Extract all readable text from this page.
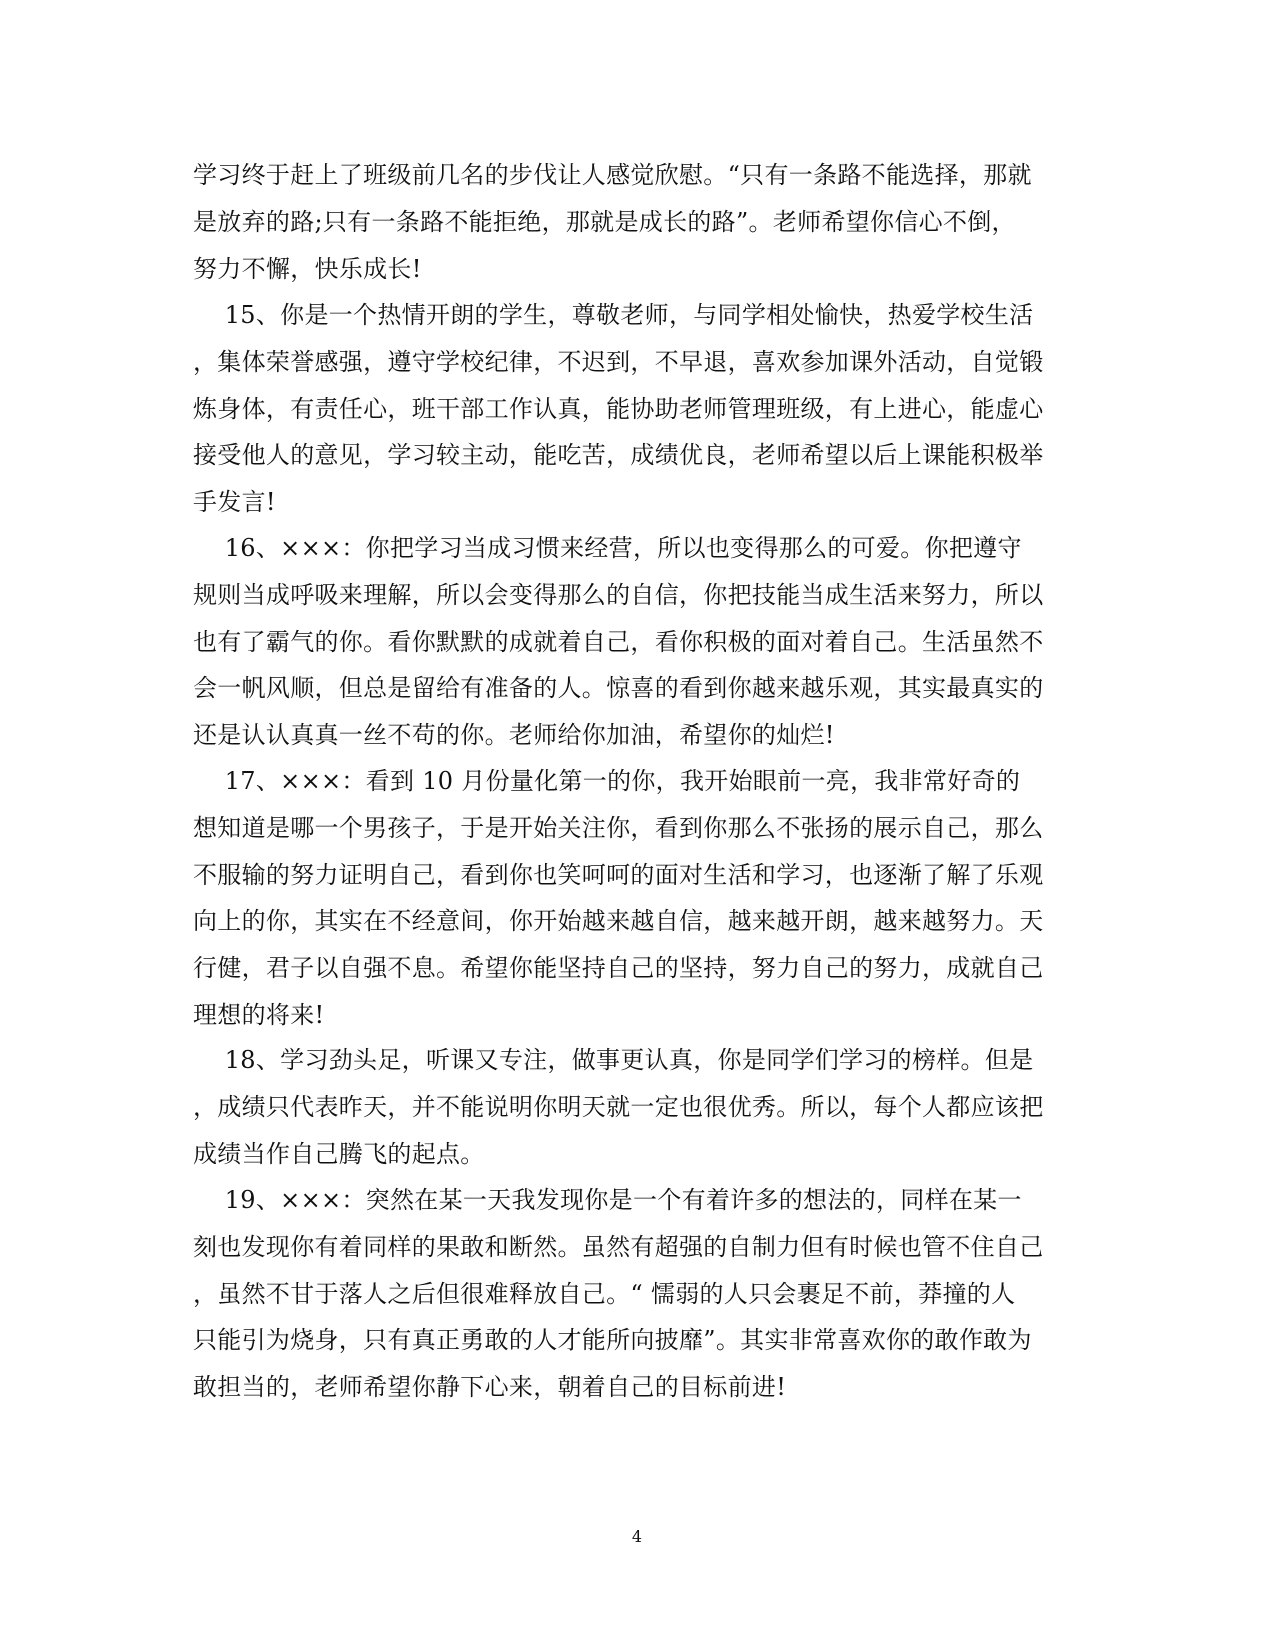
学习终于赶上了班级前几名的步伐让人感觉欣慰。“只有一条路不能选择，那就
是放弃的路;只有一条路不能拒绝，那就是成长的路”。老师希望你信心不倒，
努力不懈，快乐成长!
15、你是一个热情开朗的学生，尊敬老师，与同学相处愉快，热爱学校生活
，集体荣誉感强，遵守学校纪律，不迟到，不早退，喜欢参加课外活动，自觉锻
炼身体，有责任心，班干部工作认真，能协助老师管理班级，有上进心，能虚心
接受他人的意见，学习较主动，能吃苦，成绩优良，老师希望以后上课能积极举
手发言!
16、×××：你把学习当成习惯来经营，所以也变得那么的可爱。你把遵守
规则当成呼吸来理解，所以会变得那么的自信，你把技能当成生活来努力，所以
也有了霸气的你。看你默默的成就着自己，看你积极的面对着自己。生活虽然不
会一帆风顺，但总是留给有准备的人。惊喜的看到你越来越乐观，其实最真实的
还是认认真真一丝不苟的你。老师给你加油，希望你的灿烂!
17、×××：看到 10 月份量化第一的你，我开始眼前一亮，我非常好奇的
想知道是哪一个男孩子，于是开始关注你，看到你那么不张扬的展示自己，那么
不服输的努力证明自己，看到你也笑呵呵的面对生活和学习，也逐渐了解了乐观
向上的你，其实在不经意间，你开始越来越自信，越来越开朗，越来越努力。天
行健，君子以自强不息。希望你能坚持自己的坚持，努力自己的努力，成就自己
理想的将来!
18、学习劲头足，听课又专注，做事更认真，你是同学们学习的榜样。但是
，成绩只代表昨天，并不能说明你明天就一定也很优秀。所以，每个人都应该把
成绩当作自己腾飞的起点。
19、×××：突然在某一天我发现你是一个有着许多的想法的，同样在某一
刻也发现你有着同样的果敢和断然。虽然有超强的自制力但有时候也管不住自己
，虽然不甘于落人之后但很难释放自己。“ 懦弱的人只会裹足不前，莽撞的人
只能引为烧身，只有真正勇敢的人才能所向披靡”。其实非常喜欢你的敢作敢为
敢担当的，老师希望你静下心来，朝着自己的目标前进!
4
